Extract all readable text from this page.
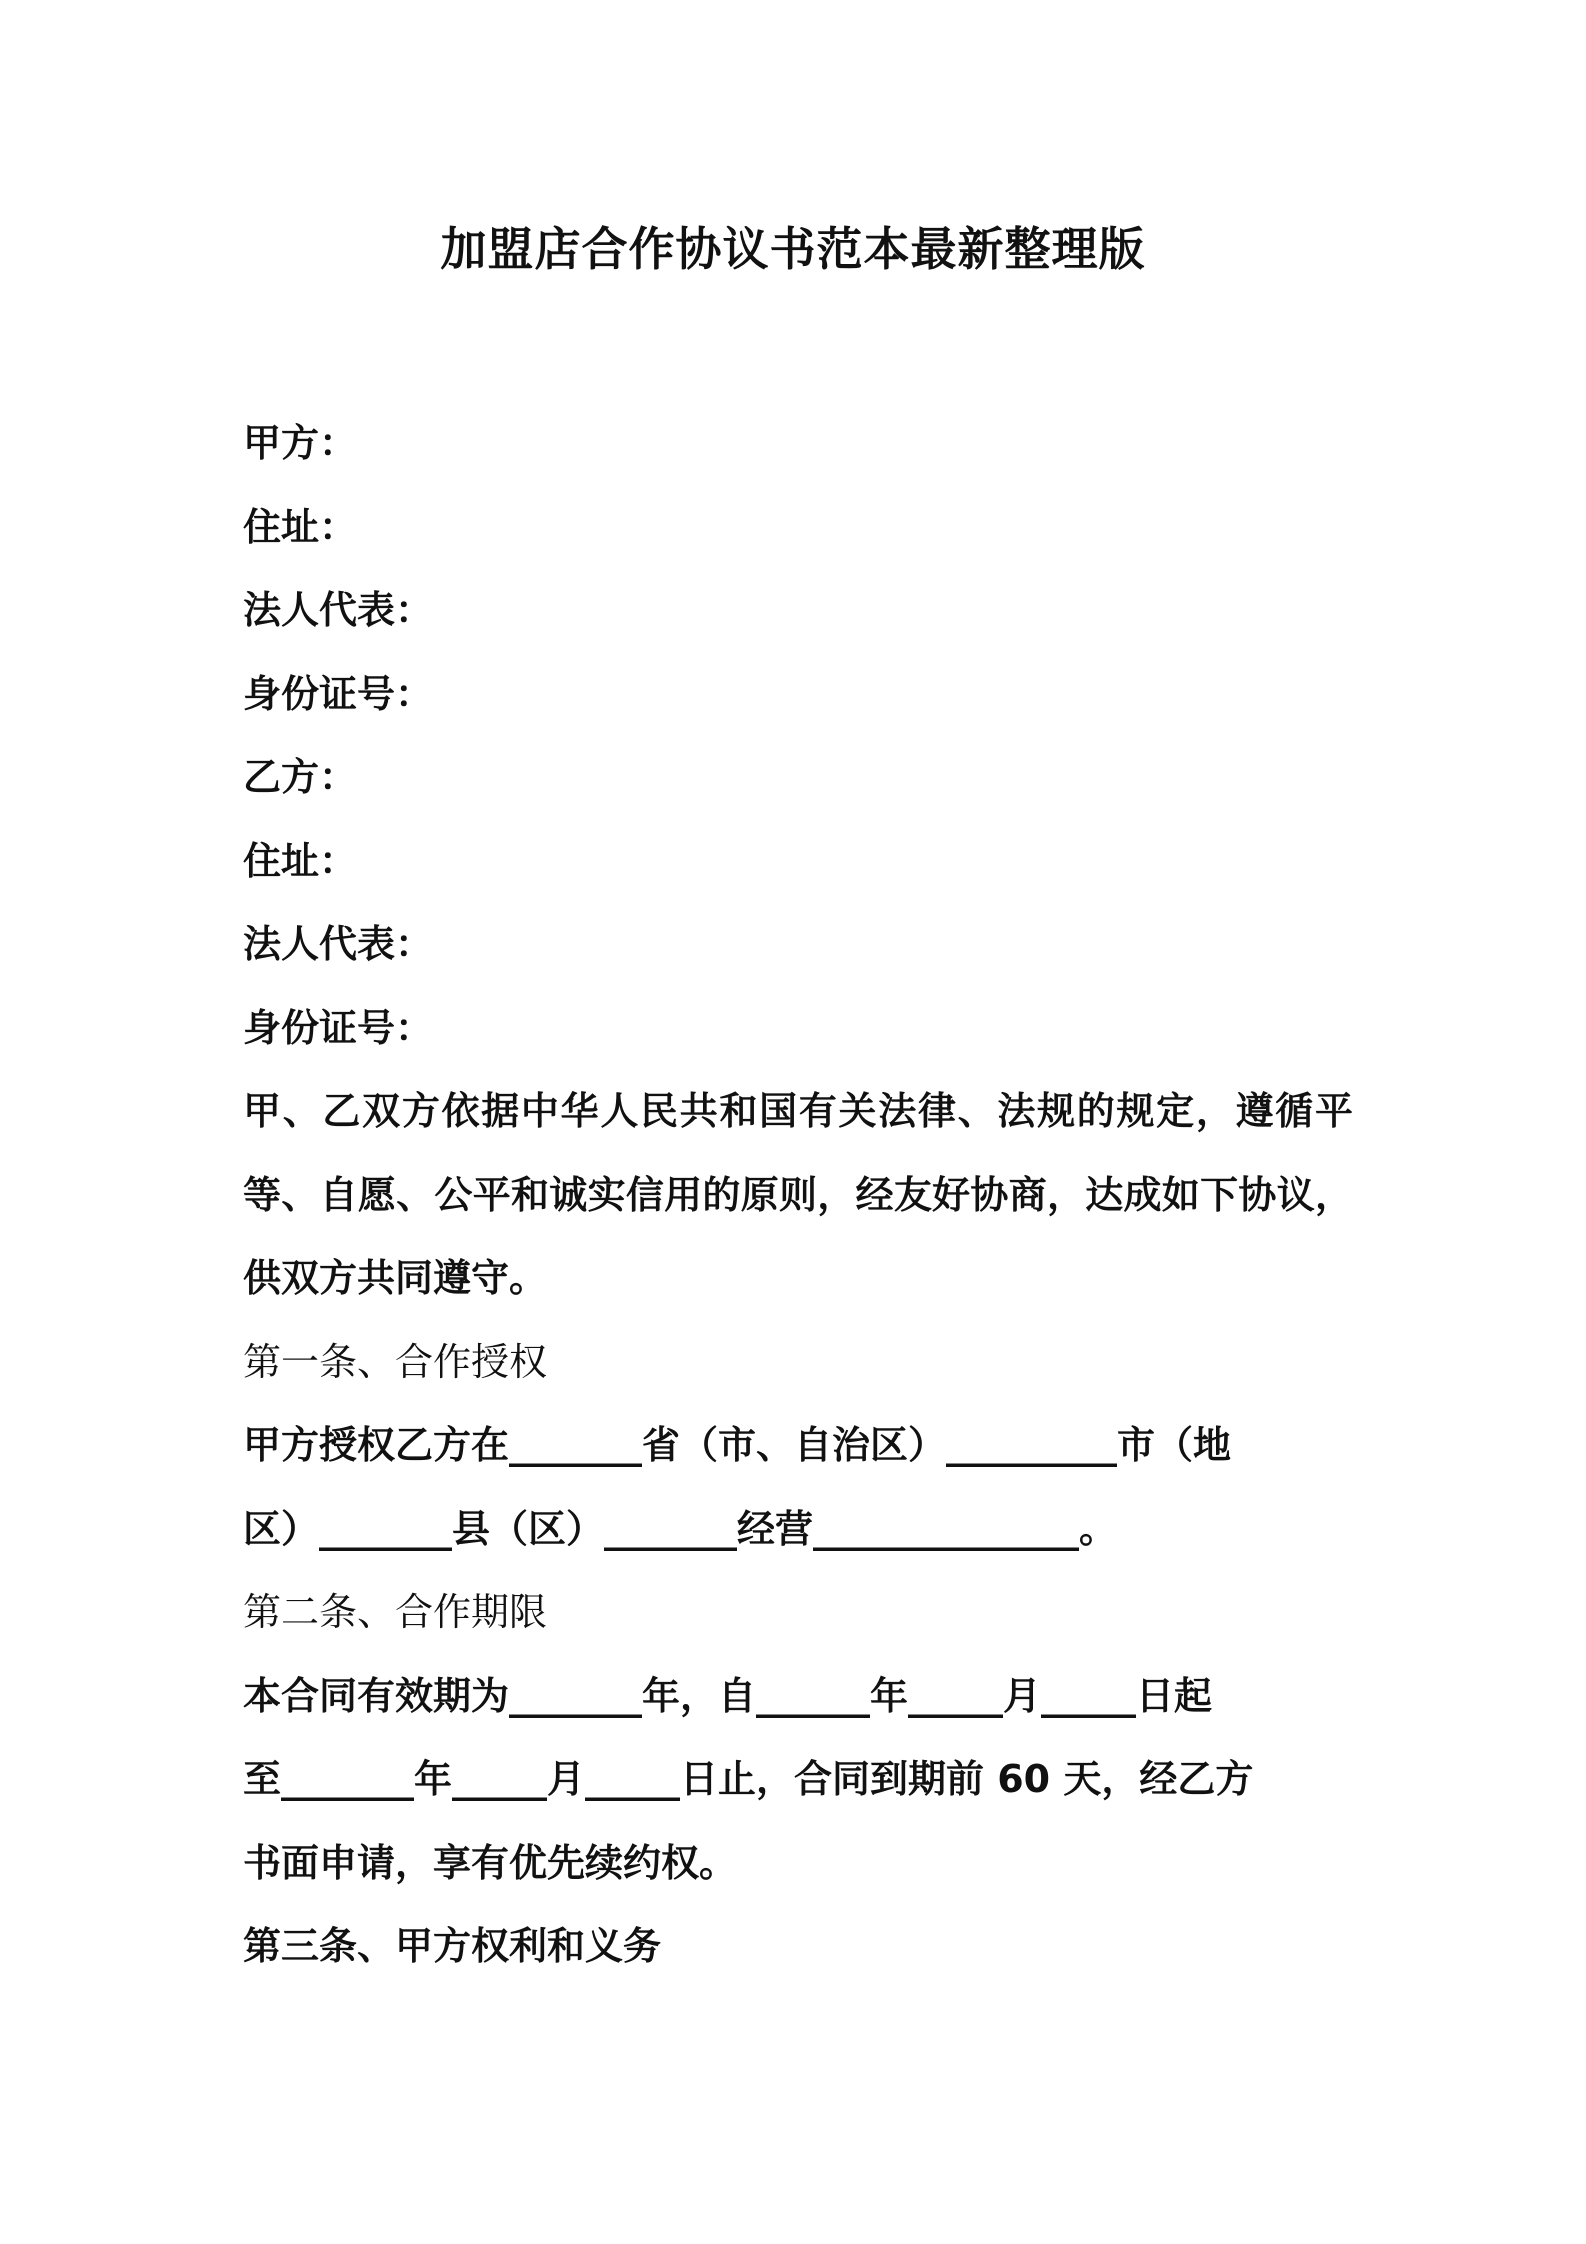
加盟店合作协议书范本最新整理版
甲方：
住址：
法人代表：
身份证号：
乙方：
住址：
法人代表：
身份证号：
甲、乙双方依据中华人民共和国有关法律、法规的规定，遵循平等、自愿、公平和诚实信用的原则，经友好协商，达成如下协议，供双方共同遵守。
第一条、合作授权
甲方授权乙方在_______省（市、自治区）_________市（地
区）_______县（区）_______经营______________。
第二条、合作期限
本合同有效期为_______年，自______年_____月_____日起
至_______年_____月_____日止，合同到期前 60 天，经乙方
书面申请，享有优先续约权。
第三条、甲方权利和义务
